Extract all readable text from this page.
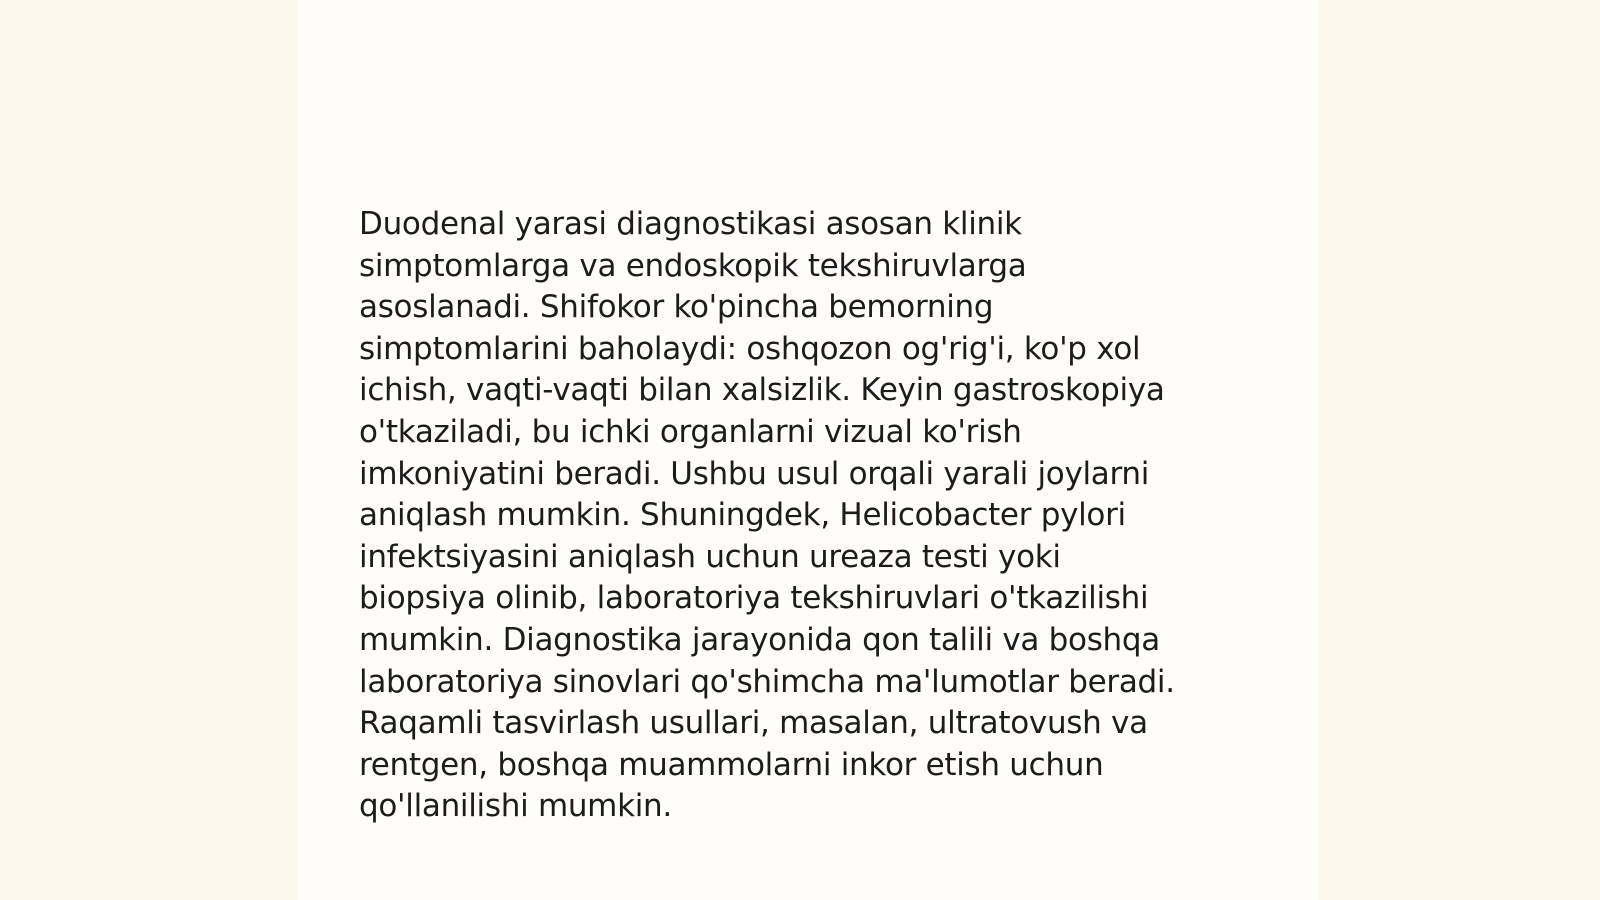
Duodenal yarasi diagnostikasi asosan klinik
simptomlarga va endoskopik tekshiruvlarga
asoslanadi. Shifokor ko'pincha bemorning
simptomlarini baholaydi: oshqozon og'rig'i, ko'p xol
ichish, vaqti-vaqti bilan xalsizlik. Keyin gastroskopiya
o'tkaziladi, bu ichki organlarni vizual ko'rish
imkoniyatini beradi. Ushbu usul orqali yarali joylarni
aniqlash mumkin. Shuningdek, Helicobacter pylori
infektsiyasini aniqlash uchun ureaza testi yoki
biopsiya olinib, laboratoriya tekshiruvlari o'tkazilishi
mumkin. Diagnostika jarayonida qon talili va boshqa
laboratoriya sinovlari qo'shimcha ma'lumotlar beradi.
Raqamli tasvirlash usullari, masalan, ultratovush va
rentgen, boshqa muammolarni inkor etish uchun
qo'llanilishi mumkin.
